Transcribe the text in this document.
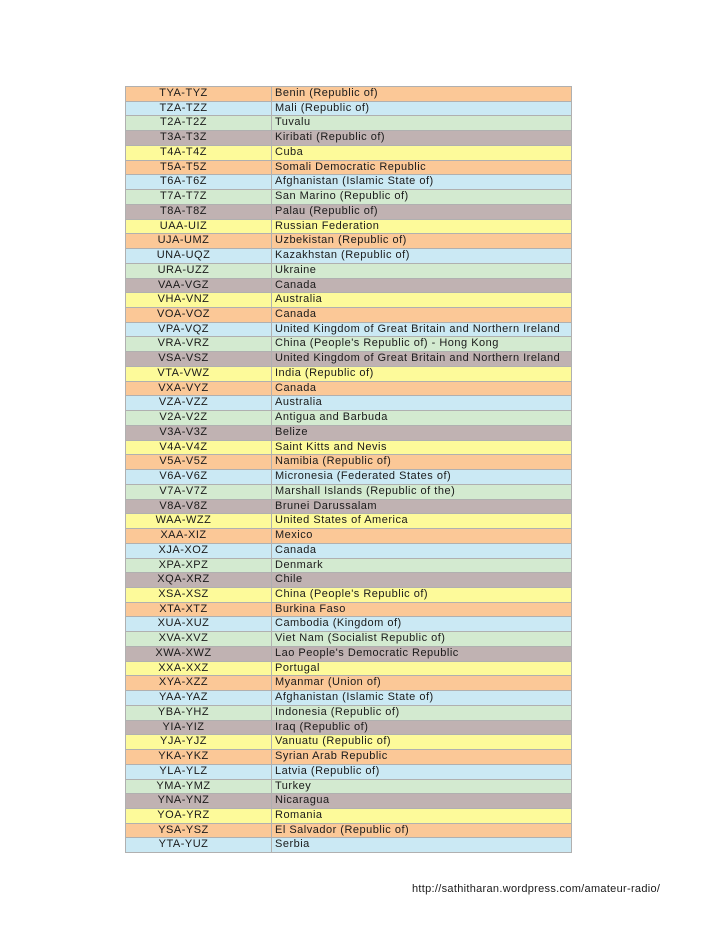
TYA-TYZ	Benin (Republic of)
TZA-TZZ	Mali (Republic of)
T2A-T2Z	Tuvalu
T3A-T3Z	Kiribati (Republic of)
T4A-T4Z	Cuba
T5A-T5Z	Somali Democratic Republic
T6A-T6Z	Afghanistan (Islamic State of)
T7A-T7Z	San Marino (Republic of)
T8A-T8Z	Palau (Republic of)
UAA-UIZ	Russian Federation
UJA-UMZ	Uzbekistan (Republic of)
UNA-UQZ	Kazakhstan (Republic of)
URA-UZZ	Ukraine
VAA-VGZ	Canada
VHA-VNZ	Australia
VOA-VOZ	Canada
VPA-VQZ	United Kingdom of Great Britain and Northern Ireland
VRA-VRZ	China (People's Republic of) - Hong Kong
VSA-VSZ	United Kingdom of Great Britain and Northern Ireland
VTA-VWZ	India (Republic of)
VXA-VYZ	Canada
VZA-VZZ	Australia
V2A-V2Z	Antigua and Barbuda
V3A-V3Z	Belize
V4A-V4Z	Saint Kitts and Nevis
V5A-V5Z	Namibia (Republic of)
V6A-V6Z	Micronesia (Federated States of)
V7A-V7Z	Marshall Islands (Republic of the)
V8A-V8Z	Brunei Darussalam
WAA-WZZ	United States of America
XAA-XIZ	Mexico
XJA-XOZ	Canada
XPA-XPZ	Denmark
XQA-XRZ	Chile
XSA-XSZ	China (People's Republic of)
XTA-XTZ	Burkina Faso
XUA-XUZ	Cambodia (Kingdom of)
XVA-XVZ	Viet Nam (Socialist Republic of)
XWA-XWZ	Lao People's Democratic Republic
XXA-XXZ	Portugal
XYA-XZZ	Myanmar (Union of)
YAA-YAZ	Afghanistan (Islamic State of)
YBA-YHZ	Indonesia (Republic of)
YIA-YIZ	Iraq (Republic of)
YJA-YJZ	Vanuatu (Republic of)
YKA-YKZ	Syrian Arab Republic
YLA-YLZ	Latvia (Republic of)
YMA-YMZ	Turkey
YNA-YNZ	Nicaragua
YOA-YRZ	Romania
YSA-YSZ	El Salvador (Republic of)
YTA-YUZ	Serbia
http://sathitharan.wordpress.com/amateur-radio/
